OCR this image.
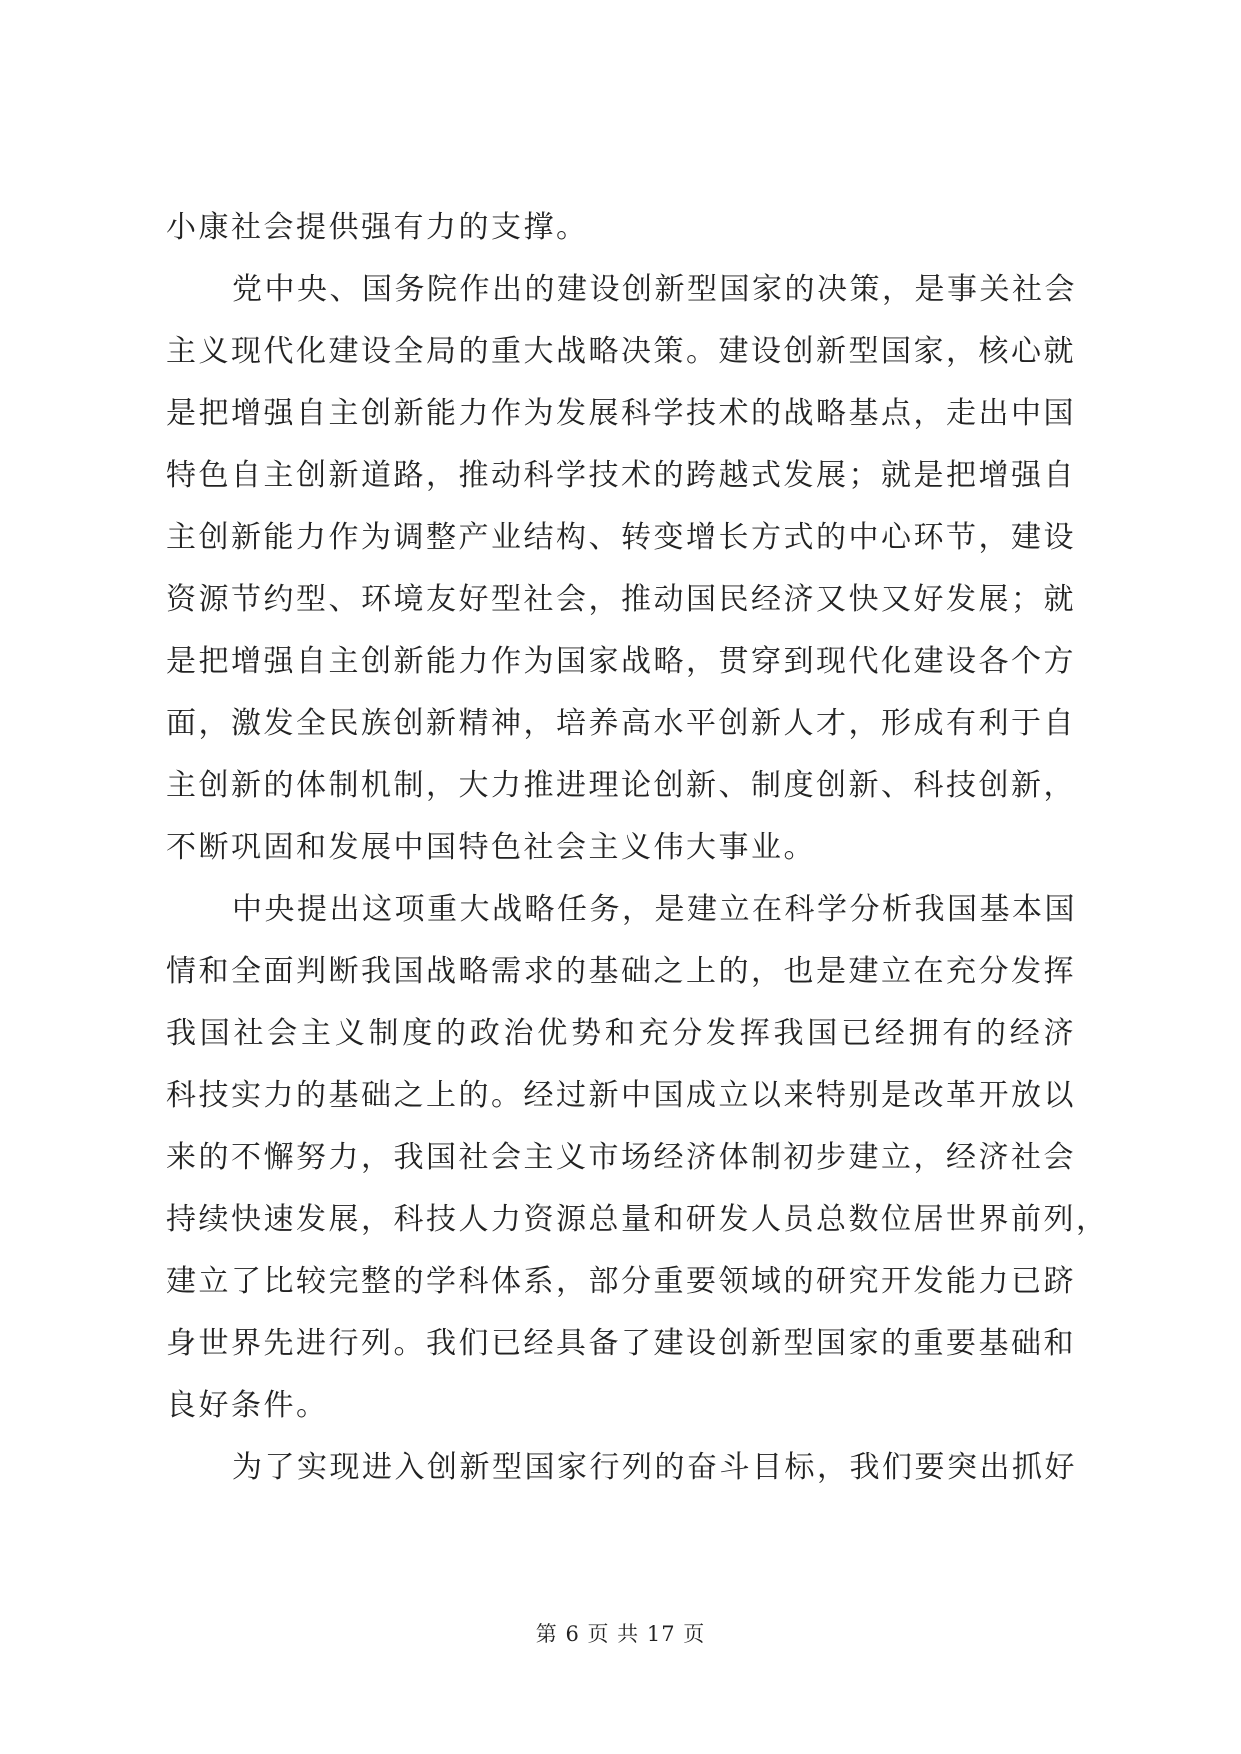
小康社会提供强有力的支撑。
党中央、国务院作出的建设创新型国家的决策，是事关社会
主义现代化建设全局的重大战略决策。建设创新型国家，核心就
是把增强自主创新能力作为发展科学技术的战略基点，走出中国
特色自主创新道路，推动科学技术的跨越式发展；就是把增强自
主创新能力作为调整产业结构、转变增长方式的中心环节，建设
资源节约型、环境友好型社会，推动国民经济又快又好发展；就
是把增强自主创新能力作为国家战略，贯穿到现代化建设各个方
面，激发全民族创新精神，培养高水平创新人才，形成有利于自
主创新的体制机制，大力推进理论创新、制度创新、科技创新，
不断巩固和发展中国特色社会主义伟大事业。
中央提出这项重大战略任务，是建立在科学分析我国基本国
情和全面判断我国战略需求的基础之上的，也是建立在充分发挥
我国社会主义制度的政治优势和充分发挥我国已经拥有的经济
科技实力的基础之上的。经过新中国成立以来特别是改革开放以
来的不懈努力，我国社会主义市场经济体制初步建立，经济社会
持续快速发展，科技人力资源总量和研发人员总数位居世界前列，
建立了比较完整的学科体系，部分重要领域的研究开发能力已跻
身世界先进行列。我们已经具备了建设创新型国家的重要基础和
良好条件。
为了实现进入创新型国家行列的奋斗目标，我们要突出抓好
第 6 页 共 17 页
